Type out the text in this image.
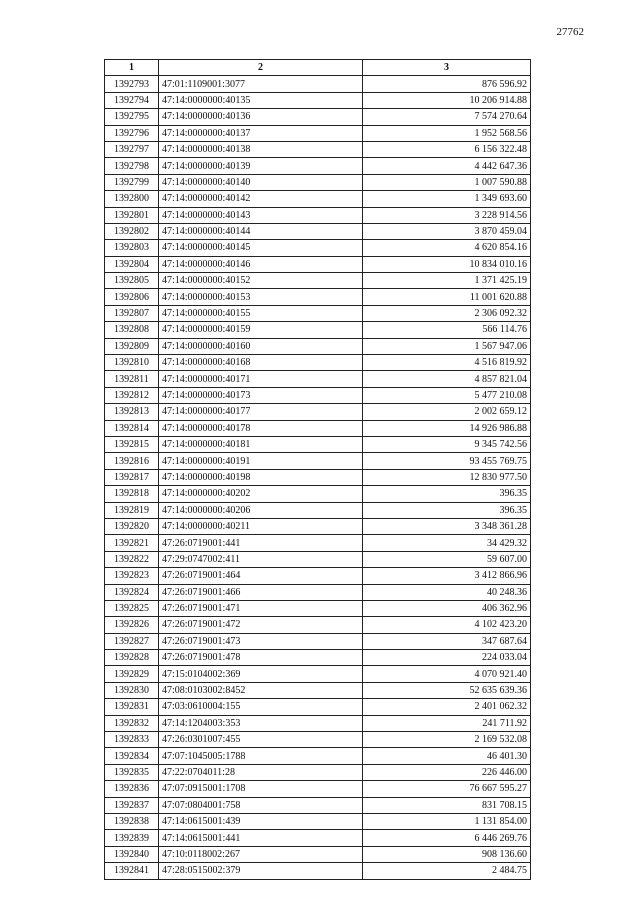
27762
1	2	3
1392793	47:01:1109001:3077	876 596.92
1392794	47:14:0000000:40135	10 206 914.88
1392795	47:14:0000000:40136	7 574 270.64
1392796	47:14:0000000:40137	1 952 568.56
1392797	47:14:0000000:40138	6 156 322.48
1392798	47:14:0000000:40139	4 442 647.36
1392799	47:14:0000000:40140	1 007 590.88
1392800	47:14:0000000:40142	1 349 693.60
1392801	47:14:0000000:40143	3 228 914.56
1392802	47:14:0000000:40144	3 870 459.04
1392803	47:14:0000000:40145	4 620 854.16
1392804	47:14:0000000:40146	10 834 010.16
1392805	47:14:0000000:40152	1 371 425.19
1392806	47:14:0000000:40153	11 001 620.88
1392807	47:14:0000000:40155	2 306 092.32
1392808	47:14:0000000:40159	566 114.76
1392809	47:14:0000000:40160	1 567 947.06
1392810	47:14:0000000:40168	4 516 819.92
1392811	47:14:0000000:40171	4 857 821.04
1392812	47:14:0000000:40173	5 477 210.08
1392813	47:14:0000000:40177	2 002 659.12
1392814	47:14:0000000:40178	14 926 986.88
1392815	47:14:0000000:40181	9 345 742.56
1392816	47:14:0000000:40191	93 455 769.75
1392817	47:14:0000000:40198	12 830 977.50
1392818	47:14:0000000:40202	396.35
1392819	47:14:0000000:40206	396.35
1392820	47:14:0000000:40211	3 348 361.28
1392821	47:26:0719001:441	34 429.32
1392822	47:29:0747002:411	59 607.00
1392823	47:26:0719001:464	3 412 866.96
1392824	47:26:0719001:466	40 248.36
1392825	47:26:0719001:471	406 362.96
1392826	47:26:0719001:472	4 102 423.20
1392827	47:26:0719001:473	347 687.64
1392828	47:26:0719001:478	224 033.04
1392829	47:15:0104002:369	4 070 921.40
1392830	47:08:0103002:8452	52 635 639.36
1392831	47:03:0610004:155	2 401 062.32
1392832	47:14:1204003:353	241 711.92
1392833	47:26:0301007:455	2 169 532.08
1392834	47:07:1045005:1788	46 401.30
1392835	47:22:0704011:28	226 446.00
1392836	47:07:0915001:1708	76 667 595.27
1392837	47:07:0804001:758	831 708.15
1392838	47:14:0615001:439	1 131 854.00
1392839	47:14:0615001:441	6 446 269.76
1392840	47:10:0118002:267	908 136.60
1392841	47:28:0515002:379	2 484.75
